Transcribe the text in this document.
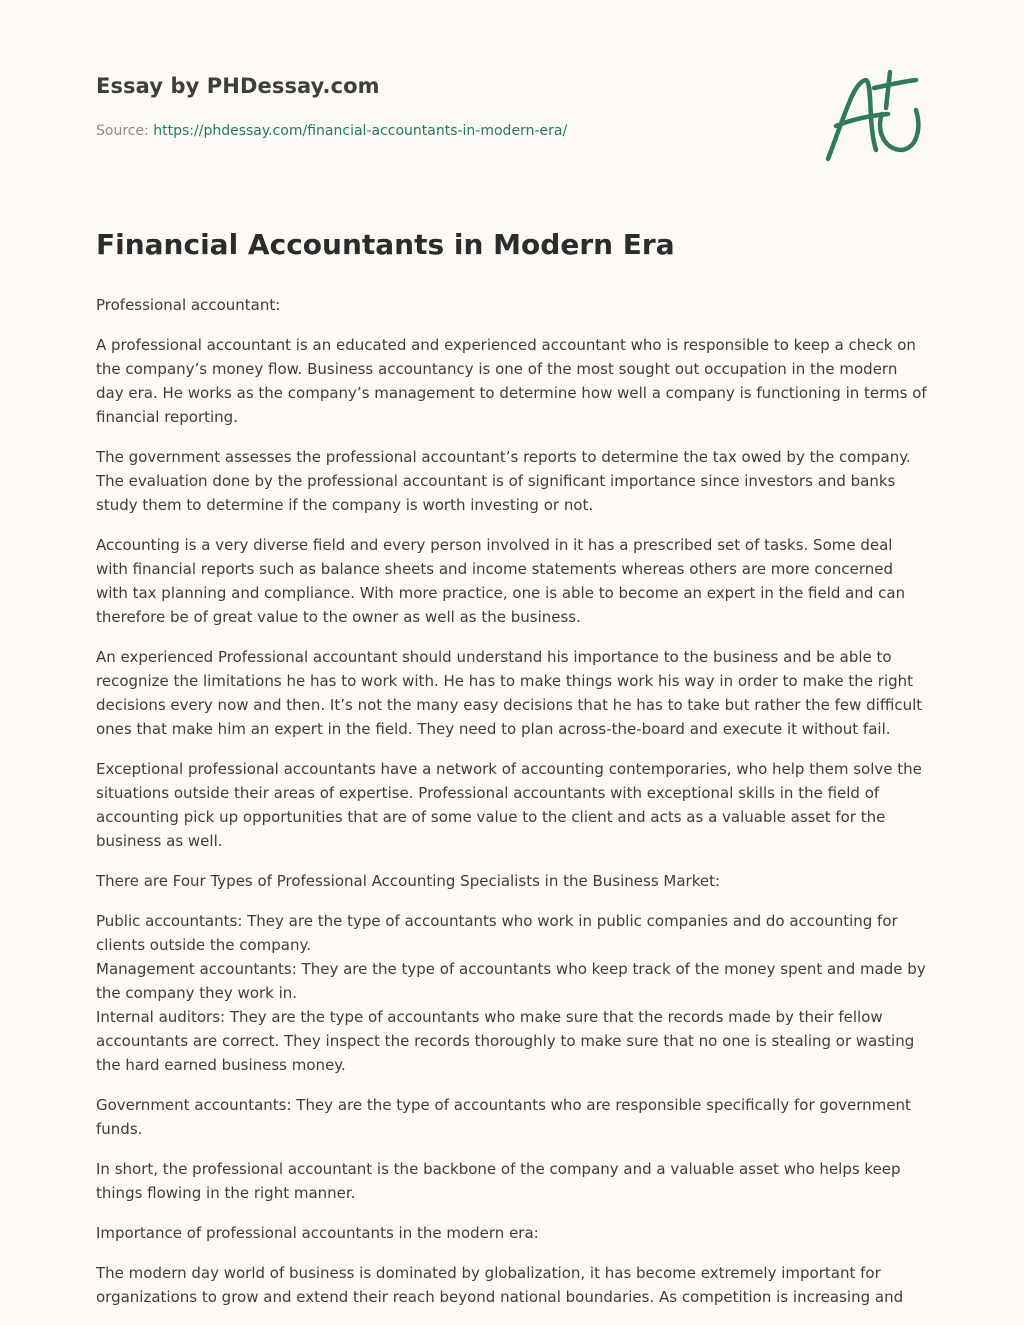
Essay by PHDessay.com
Source: https://phdessay.com/financial-accountants-in-modern-era/
Financial Accountants in Modern Era

Professional accountant:

A professional accountant is an educated and experienced accountant who is responsible to keep a check on the company’s money flow. Business accountancy is one of the most sought out occupation in the modern day era. He works as the company’s management to determine how well a company is functioning in terms of financial reporting.

The government assesses the professional accountant’s reports to determine the tax owed by the company. The evaluation done by the professional accountant is of significant importance since investors and banks study them to determine if the company is worth investing or not.

Accounting is a very diverse field and every person involved in it has a prescribed set of tasks. Some deal with financial reports such as balance sheets and income statements whereas others are more concerned with tax planning and compliance. With more practice, one is able to become an expert in the field and can therefore be of great value to the owner as well as the business.

An experienced Professional accountant should understand his importance to the business and be able to recognize the limitations he has to work with. He has to make things work his way in order to make the right decisions every now and then. It’s not the many easy decisions that he has to take but rather the few difficult ones that make him an expert in the field. They need to plan across-the-board and execute it without fail.

Exceptional professional accountants have a network of accounting contemporaries, who help them solve the situations outside their areas of expertise. Professional accountants with exceptional skills in the field of accounting pick up opportunities that are of some value to the client and acts as a valuable asset for the business as well.

There are Four Types of Professional Accounting Specialists in the Business Market:

Public accountants: They are the type of accountants who work in public companies and do accounting for clients outside the company.

Management accountants: They are the type of accountants who keep track of the money spent and made by the company they work in.

Internal auditors: They are the type of accountants who make sure that the records made by their fellow accountants are correct. They inspect the records thoroughly to make sure that no one is stealing or wasting the hard earned business money.

Government accountants: They are the type of accountants who are responsible specifically for government funds.

In short, the professional accountant is the backbone of the company and a valuable asset who helps keep things flowing in the right manner.

Importance of professional accountants in the modern era:

The modern day world of business is dominated by globalization, it has become extremely important for organizations to grow and extend their reach beyond national boundaries. As competition is increasing and
